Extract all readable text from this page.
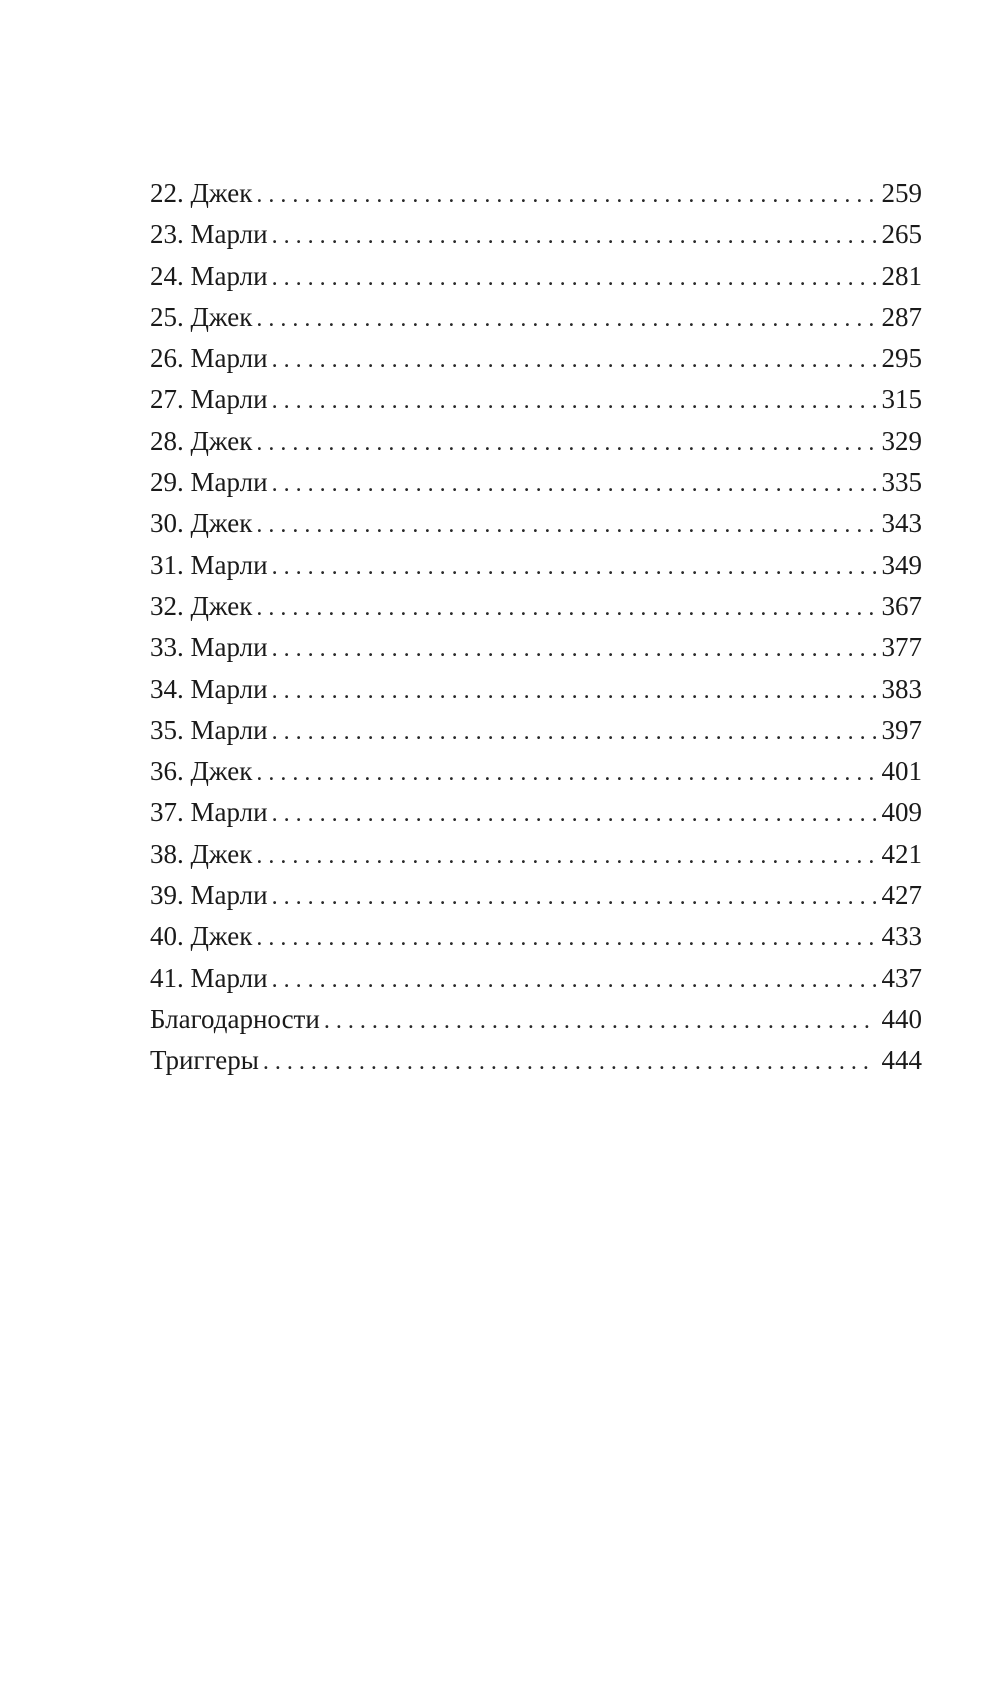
22. Джек . . .	259
23. Марли . . .	265
24. Марли . . .	281
25. Джек . . .	287
26. Марли . . .	295
27. Марли . . .	315
28. Джек . . .	329
29. Марли . . .	335
30. Джек . . .	343
31. Марли . . .	349
32. Джек . . .	367
33. Марли . . .	377
34. Марли . . .	383
35. Марли . . .	397
36. Джек . . .	401
37. Марли . . .	409
38. Джек . . .	421
39. Марли . . .	427
40. Джек . . .	433
41. Марли . . .	437
Благодарности . . .	440
Триггеры . . .	444
